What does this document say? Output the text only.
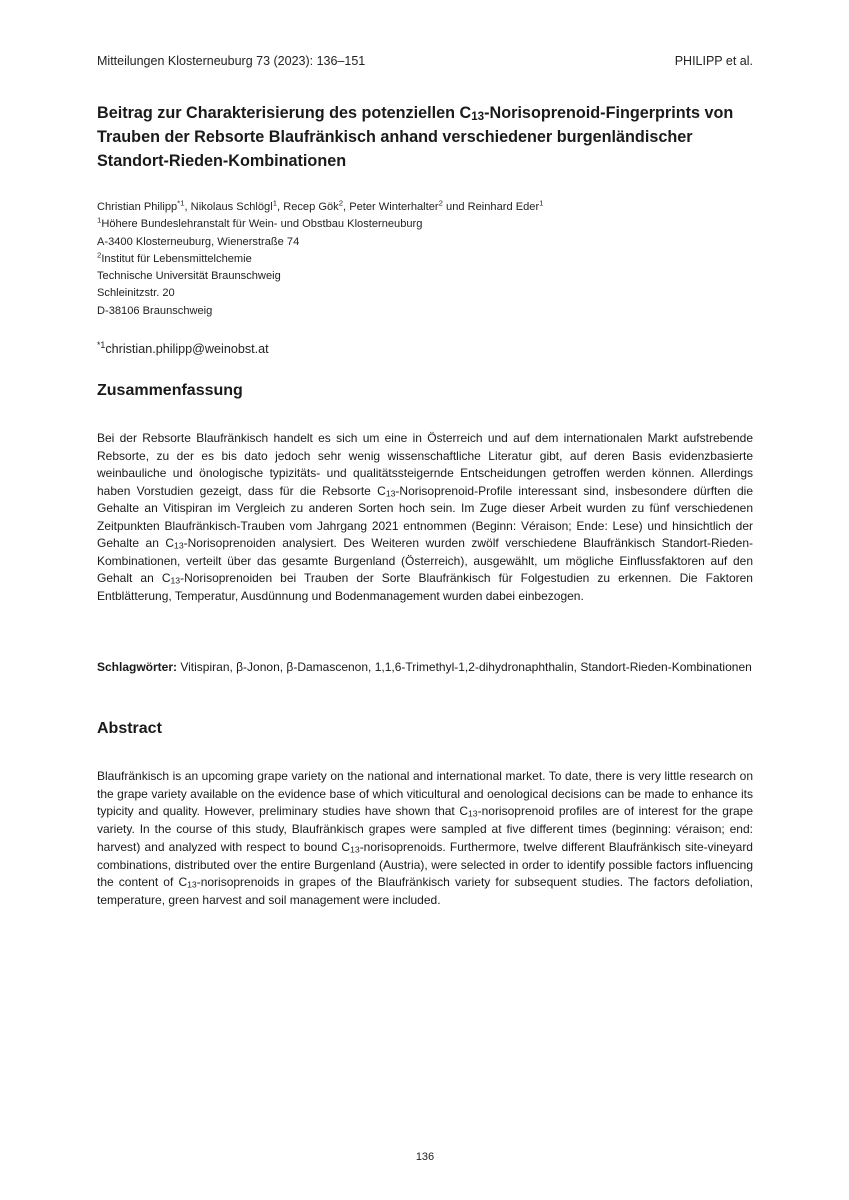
Mitteilungen Klosterneuburg 73 (2023): 136–151	PHILIPP et al.
Beitrag zur Charakterisierung des potenziellen $C_{13}-Norisoprenoid$-Fingerprints von Trauben der Rebsorte Blaufränkisch anhand verschiedener burgenländischer Standort-Rieden-Kombinationen

Christian Philipp$^{*1}$, Nikolaus Schlögl$^1$, Recep Gök$^2$, Peter Winterhalter$^2$ und Reinhard Eder$^1$

$^1$Höhere Bundeslehranstalt für Wein- und Obstbau Klosterneuburg

A-3400 Klosterneuburg, Wienerstraße 74

$^2$Institut für Lebensmittelchemie

Technische Universität Braunschweig

Schleinitzstr. 20

D-38106 Braunschweig

$^{*1}$christian.philipp@weinobst.at
Zusammenfassung

Bei der Rebsorte Blaufränkisch handelt es sich um eine in Österreich und auf dem internationalen Markt aufstrebende Rebsorte, zu der es bis dato jedoch sehr wenig wissenschaftliche Literatur gibt, auf deren Basis evidenzbasierte weinbauliche und önologische typizitäts- und qualitätssteigernde Entscheidungen getroffen werden können. Allerdings haben Vorstudien gezeigt, dass für die Rebsorte $C_{13}-Norisoprenoid$-Profile interessant sind, insbesondere dürften die Gehalte an Vitispiran im Vergleich zu anderen Sorten hoch sein. Im Zuge dieser Arbeit wurden zu fünf verschiedenen Zeitpunkten Blaufränkisch-Trauben vom Jahrgang 2021 entnommen (Beginn: Véraison; Ende: Lese) und hinsichtlich der Gehalte an $C_{13}$-Norisoprenoiden analysiert. Des Weiteren wurden zwölf verschiedene Blaufränkisch Standort-Rieden-Kombinationen, verteilt über das gesamte Burgenland (Österreich), ausgewählt, um mögliche Einflussfaktoren auf den Gehalt an $C_{13}$-Norisoprenoiden bei Trauben der Sorte Blaufränkisch für Folgestudien zu erkennen. Die Faktoren Entblätterung, Temperatur, Ausdünnung und Bodenmanagement wurden dabei einbezogen.

Schlagwörter: Vitispiran, β-Jonon, β-Damascenon, 1,1,6-Trimethyl-1,2-dihydronaphthalin, Standort-Rieden-Kombinationen

Abstract

Blaufränkisch is an upcoming grape variety on the national and international market. To date, there is very little research on the grape variety available on the evidence base of which viticultural and oenological decisions can be made to enhance its typicity and quality. However, preliminary studies have shown that $C_{13}$-norisoprenoid profiles are of interest for the grape variety. In the course of this study, Blaufränkisch grapes were sampled at five different times (beginning: véraison; end: harvest) and analyzed with respect to bound $C_{13}$-norisoprenoids. Furthermore, twelve different Blaufränkisch site-vineyard combinations, distributed over the entire Burgenland (Austria), were selected in order to identify possible factors influencing the content of $C_{13}$-norisoprenoids in grapes of the Blaufränkisch variety for subsequent studies. The factors defoliation, temperature, green harvest and soil management were included.

136
